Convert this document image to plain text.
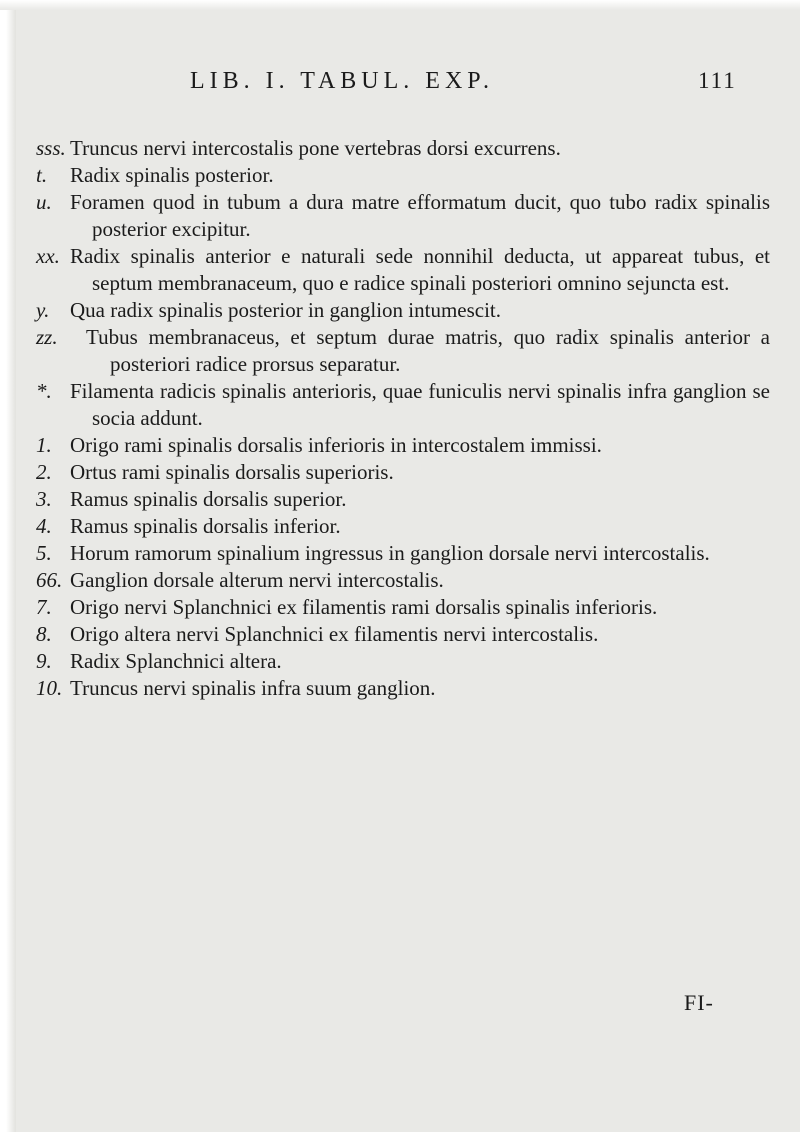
LIB. I. TABUL. EXP.	111
sss. Truncus nervi intercostalis pone vertebras dorsi excurrens.
t. Radix spinalis posterior.
u. Foramen quod in tubum a dura matre efformatum ducit, quo tubo radix spinalis posterior excipitur.
xx. Radix spinalis anterior e naturali sede nonnihil deducta, ut appareat tubus, et septum membranaceum, quo e radice spinali posteriori omnino sejuncta est.
y. Qua radix spinalis posterior in ganglion intumescit.
zz. Tubus membranaceus, et septum durae matris, quo radix spinalis anterior a posteriori radice prorsus separatur.
*. Filamenta radicis spinalis anterioris, quae funiculis nervi spinalis infra ganglion se socia addunt.
1. Origo rami spinalis dorsalis inferioris in intercostalem immissi.
2. Ortus rami spinalis dorsalis superioris.
3. Ramus spinalis dorsalis superior.
4. Ramus spinalis dorsalis inferior.
5. Horum ramorum spinalium ingressus in ganglion dorsale nervi intercostalis.
66. Ganglion dorsale alterum nervi intercostalis.
7. Origo nervi Splanchnici ex filamentis rami dorsalis spinalis inferioris.
8. Origo altera nervi Splanchnici ex filamentis nervi intercostalis.
9. Radix Splanchnici altera.
10. Truncus nervi spinalis infra suum ganglion.
FI-
